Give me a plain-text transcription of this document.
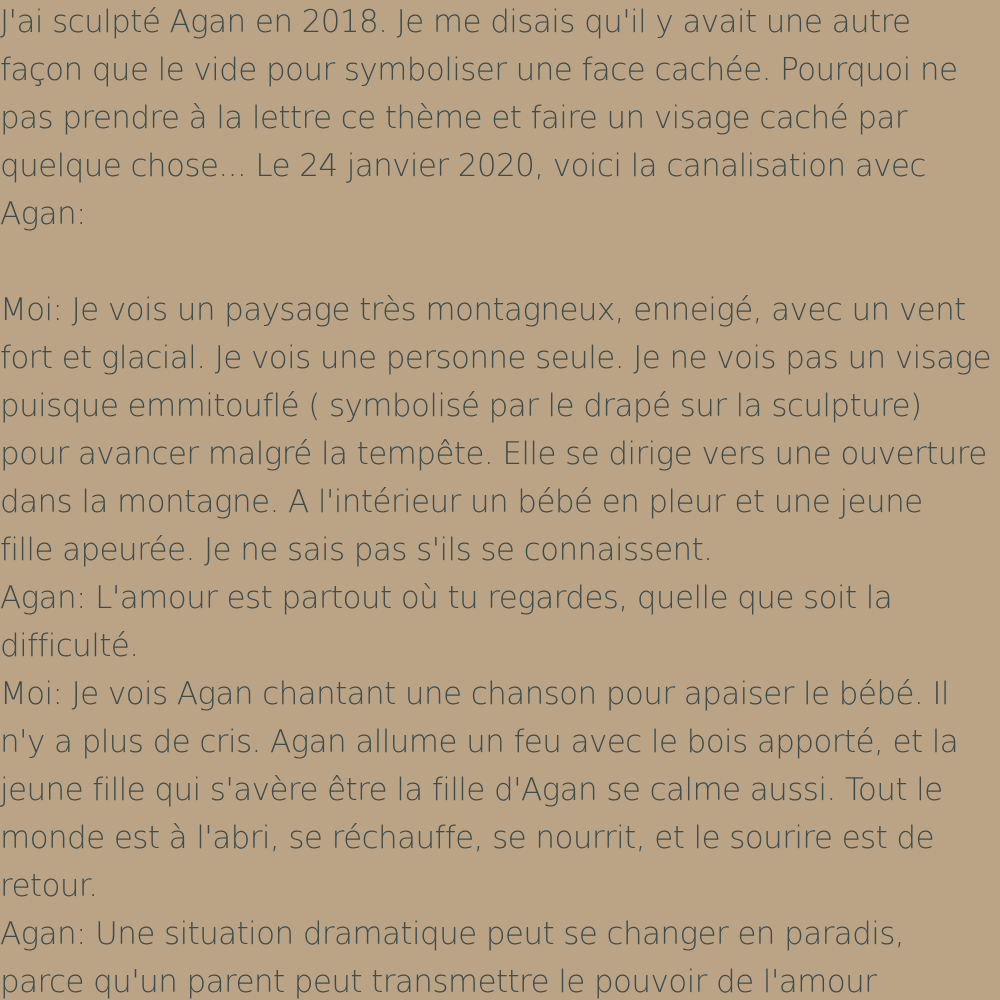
J'ai sculpté Agan en 2018. Je me disais qu'il y avait une autre
façon que le vide pour symboliser une face cachée. Pourquoi ne
pas prendre à la lettre ce thème et faire un visage caché par
quelque chose... Le 24 janvier 2020, voici la canalisation avec
Agan:
Moi: Je vois un paysage très montagneux, enneigé, avec un vent
fort et glacial. Je vois une personne seule. Je ne vois pas un visage
puisque emmitouflé ( symbolisé par le drapé sur la sculpture)
pour avancer malgré la tempête. Elle se dirige vers une ouverture
dans la montagne. A l'intérieur un bébé en pleur et une jeune
fille apeurée. Je ne sais pas s'ils se connaissent.
Agan: L'amour est partout où tu regardes, quelle que soit la
difficulté.
Moi: Je vois Agan chantant une chanson pour apaiser le bébé. Il
n'y a plus de cris. Agan allume un feu avec le bois apporté, et la
jeune fille qui s'avère être la fille d'Agan se calme aussi. Tout le
monde est à l'abri, se réchauffe, se nourrit, et le sourire est de
retour.
Agan: Une situation dramatique peut se changer en paradis,
parce qu'un parent peut transmettre le pouvoir de l'amour
